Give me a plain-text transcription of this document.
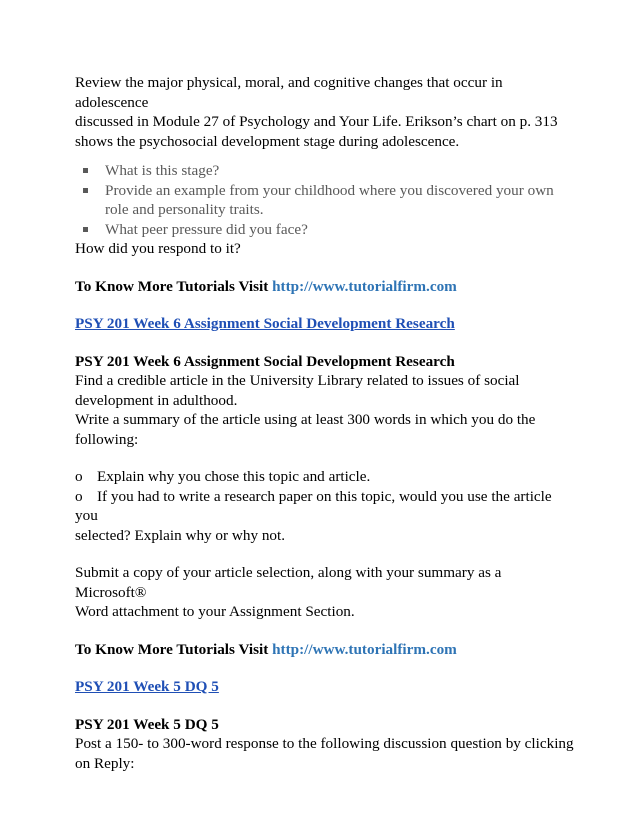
Review the major physical, moral, and cognitive changes that occur in adolescence
discussed in Module 27 of Psychology and Your Life. Erikson’s chart on p. 313
shows the psychosocial development stage during adolescence.

What is this stage?
Provide an example from your childhood where you discovered your own
role and personality traits.
What peer pressure did you face?

How did you respond to it?

To Know More Tutorials Visit http://www.tutorialfirm.com

PSY 201 Week 6 Assignment Social Development Research

PSY 201 Week 6 Assignment Social Development Research

Find a credible article in the University Library related to issues of social
development in adulthood.

Write a summary of the article using at least 300 words in which you do the
following:

o Explain why you chose this topic and article.

o If you had to write a research paper on this topic, would you use the article you
selected? Explain why or why not.

Submit a copy of your article selection, along with your summary as a Microsoft®
Word attachment to your Assignment Section.

To Know More Tutorials Visit http://www.tutorialfirm.com

PSY 201 Week 5 DQ 5

PSY 201 Week 5 DQ 5

Post a 150- to 300-word response to the following discussion question by clicking
on Reply:
